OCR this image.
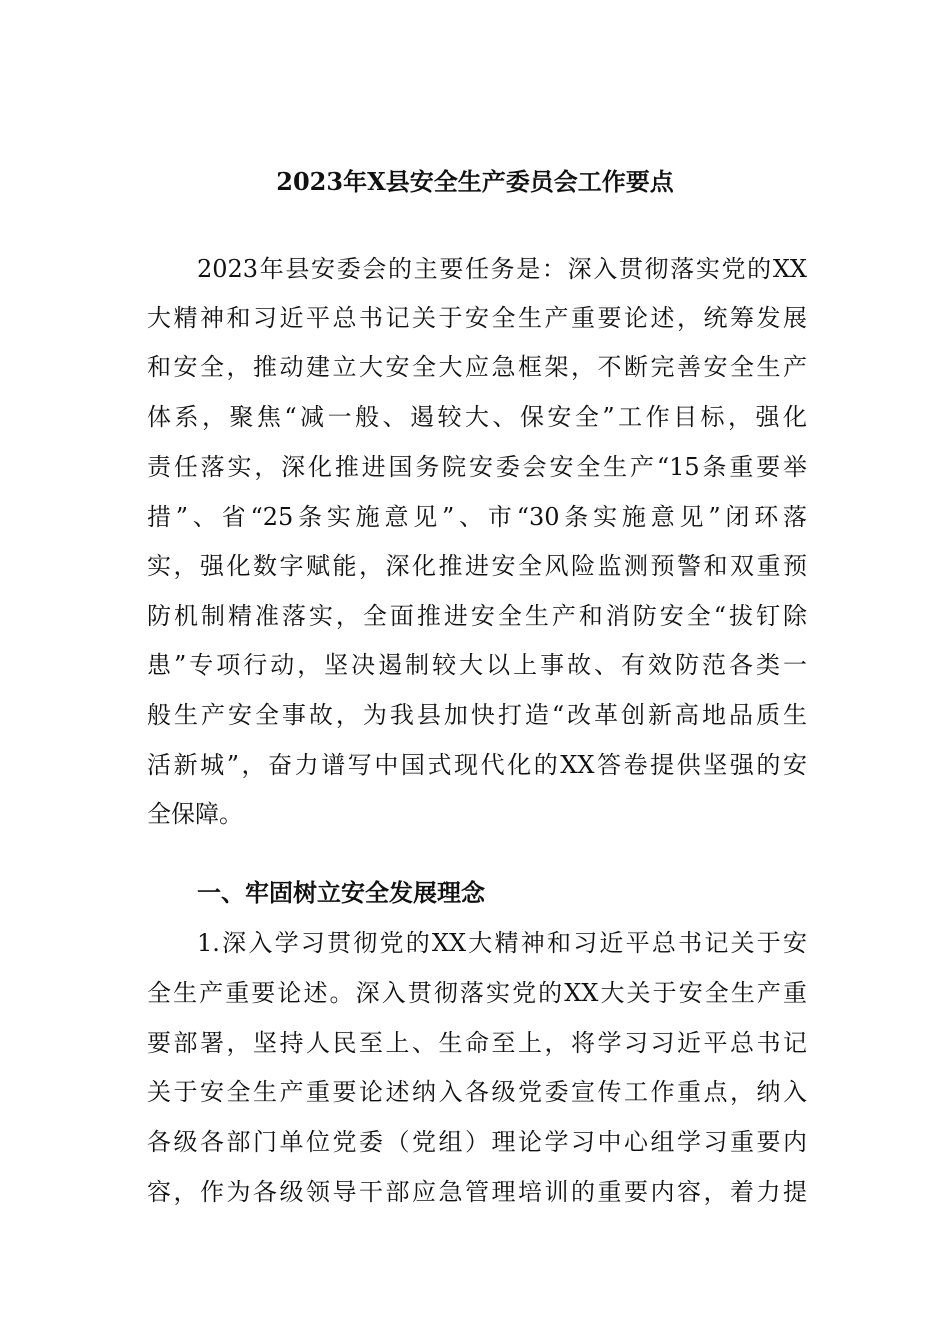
2023年X县安全生产委员会工作要点

2023年县安委会的主要任务是：深入贯彻落实党的XX

大精神和习近平总书记关于安全生产重要论述，统筹发展

和安全，推动建立大安全大应急框架，不断完善安全生产

体系，聚焦“减一般、遏较大、保安全”工作目标，强化

责任落实，深化推进国务院安委会安全生产“15条重要举

措”、省“25条实施意见”、市“30条实施意见”闭环落

实，强化数字赋能，深化推进安全风险监测预警和双重预

防机制精准落实，全面推进安全生产和消防安全“拔钉除

患”专项行动，坚决遏制较大以上事故、有效防范各类一

般生产安全事故，为我县加快打造“改革创新高地品质生

活新城”，奋力谱写中国式现代化的XX答卷提供坚强的安

全保障。

一、牢固树立安全发展理念

1.深入学习贯彻党的XX大精神和习近平总书记关于安

全生产重要论述。深入贯彻落实党的XX大关于安全生产重

要部署，坚持人民至上、生命至上，将学习习近平总书记

关于安全生产重要论述纳入各级党委宣传工作重点，纳入

各级各部门单位党委（党组）理论学习中心组学习重要内

容，作为各级领导干部应急管理培训的重要内容，着力提
